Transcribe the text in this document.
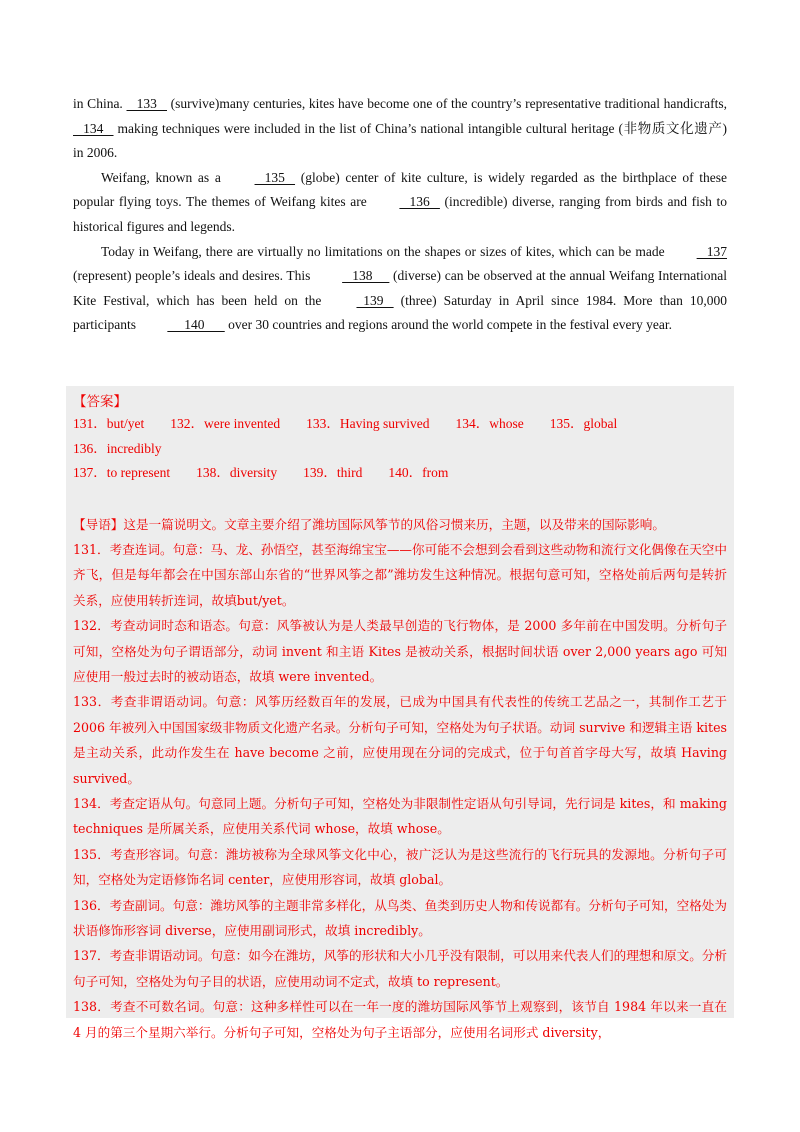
in China.    133    (survive)many centuries, kites have become one of the country’s representative traditional handicrafts,    134    making techniques were included in the list of China’s national intangible cultural heritage (非物质文化遗产) in 2006.

Weifang, known as a    135    (globe) center of kite culture, is widely regarded as the birthplace of these popular flying toys. The themes of Weifang kites are    136    (incredible) diverse, ranging from birds and fish to historical figures and legends.

Today in Weifang, there are virtually no limitations on the shapes or sizes of kites, which can be made    137 (represent) people’s ideals and desires. This    138      (diverse) can be observed at the annual Weifang International Kite Festival, which has been held on the   139    (three) Saturday in April since 1984. More than 10,000 participants      140       over 30 countries and regions around the world compete in the festival every year.

【答案】
131．but/yet 132．were invented 133．Having survived 134．whose 135．global136．incredibly
137．to represent 138．diversity 139．third 140．from

【导语】这是一篇说明文。文章主要介绍了潍坊国际风筝节的风俗习惯来历，主题，以及带来的国际影响。

131．考查连词。句意：马、龙、孙悟空，甚至海绵宝宝——你可能不会想到会看到这些动物和流行文化偶像在天空中齐飞，但是每年都会在中国东部山东省的“世界风筝之都”潍坊发生这种情况。根据句意可知，空格处前后两句是转折关系，应使用转折连词，故填but/yet。

132．考查动词时态和语态。句意：风筝被认为是人类最早创造的飞行物体，是 2000 多年前在中国发明。分析句子可知，空格处为句子谓语部分，动词 invent 和主语 Kites 是被动关系，根据时间状语 over 2,000 years ago 可知应使用一般过去时的被动语态，故填 were invented。

133．考查非谓语动词。句意：风筝历经数百年的发展，已成为中国具有代表性的传统工艺品之一，其制作工艺于 2006 年被列入中国国家级非物质文化遗产名录。分析句子可知，空格处为句子状语。动词 survive 和逻辑主语 kites 是主动关系，此动作发生在 have become 之前，应使用现在分词的完成式，位于句首首字母大写，故填 Having survived。

134．考查定语从句。句意同上题。分析句子可知，空格处为非限制性定语从句引导词，先行词是 kites，和 making techniques 是所属关系，应使用关系代词 whose，故填 whose。

135．考查形容词。句意：潍坊被称为全球风筝文化中心，被广泛认为是这些流行的飞行玩具的发源地。分析句子可知，空格处为定语修饰名词 center，应使用形容词，故填 global。

136．考查副词。句意：潍坊风筝的主题非常多样化，从鸟类、鱼类到历史人物和传说都有。分析句子可知，空格处为状语修饰形容词 diverse，应使用副词形式，故填 incredibly。

137．考查非谓语动词。句意：如今在潍坊，风筝的形状和大小几乎没有限制，可以用来代表人们的理想和原文。分析句子可知，空格处为句子目的状语，应使用动词不定式，故填 to represent。

138．考查不可数名词。句意：这种多样性可以在一年一度的潍坊国际风筝节上观察到，该节自 1984 年以来一直在 4 月的第三个星期六举行。分析句子可知，空格处为句子主语部分，应使用名词形式 diversity，
